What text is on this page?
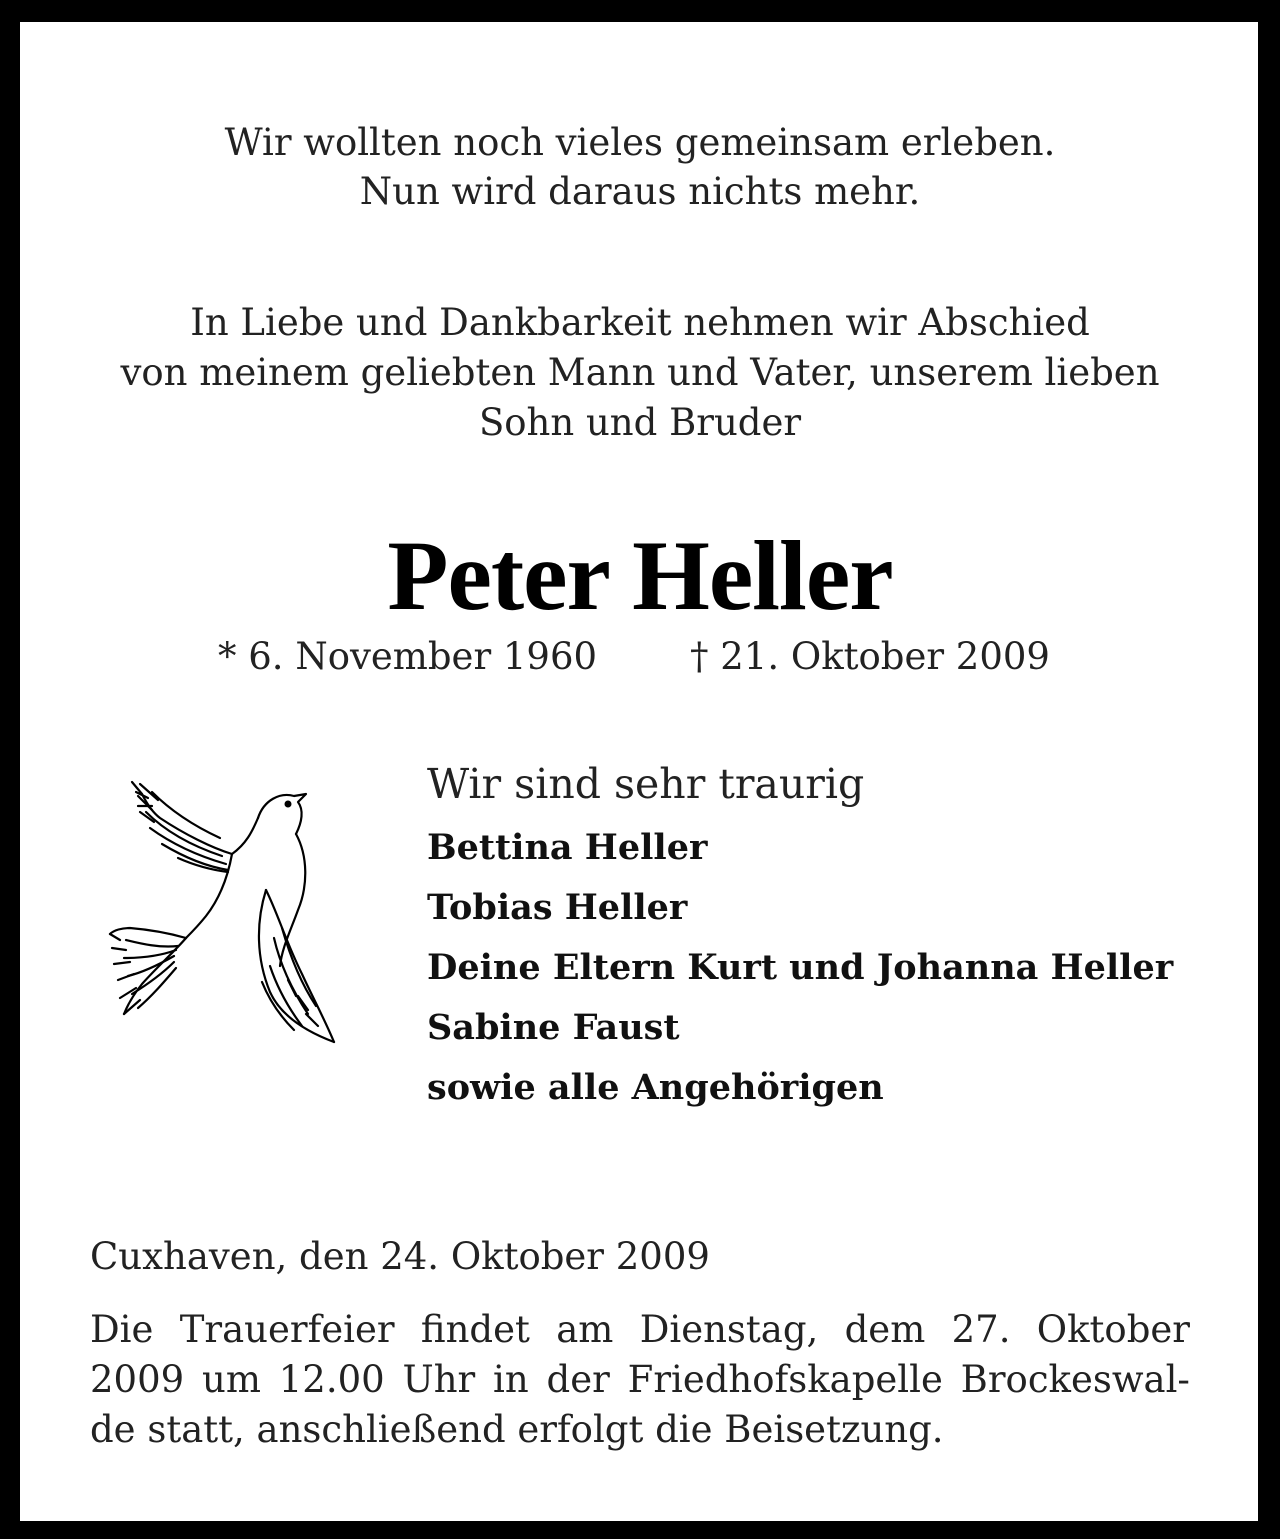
Wir wollten noch vieles gemeinsam erleben.
Nun wird daraus nichts mehr.
In Liebe und Dankbarkeit nehmen wir Abschied
von meinem geliebten Mann und Vater, unserem lieben
Sohn und Bruder
Peter Heller
* 6. November 1960	† 21. Oktober 2009
Wir sind sehr traurig
Bettina Heller
Tobias Heller
Deine Eltern Kurt und Johanna Heller
Sabine Faust
sowie alle Angehörigen
Cuxhaven, den 24. Oktober 2009
Die Trauerfeier findet am Dienstag, dem 27. Oktober
2009 um 12.00 Uhr in der Friedhofskapelle Brockeswal-
de statt, anschließend erfolgt die Beisetzung.
